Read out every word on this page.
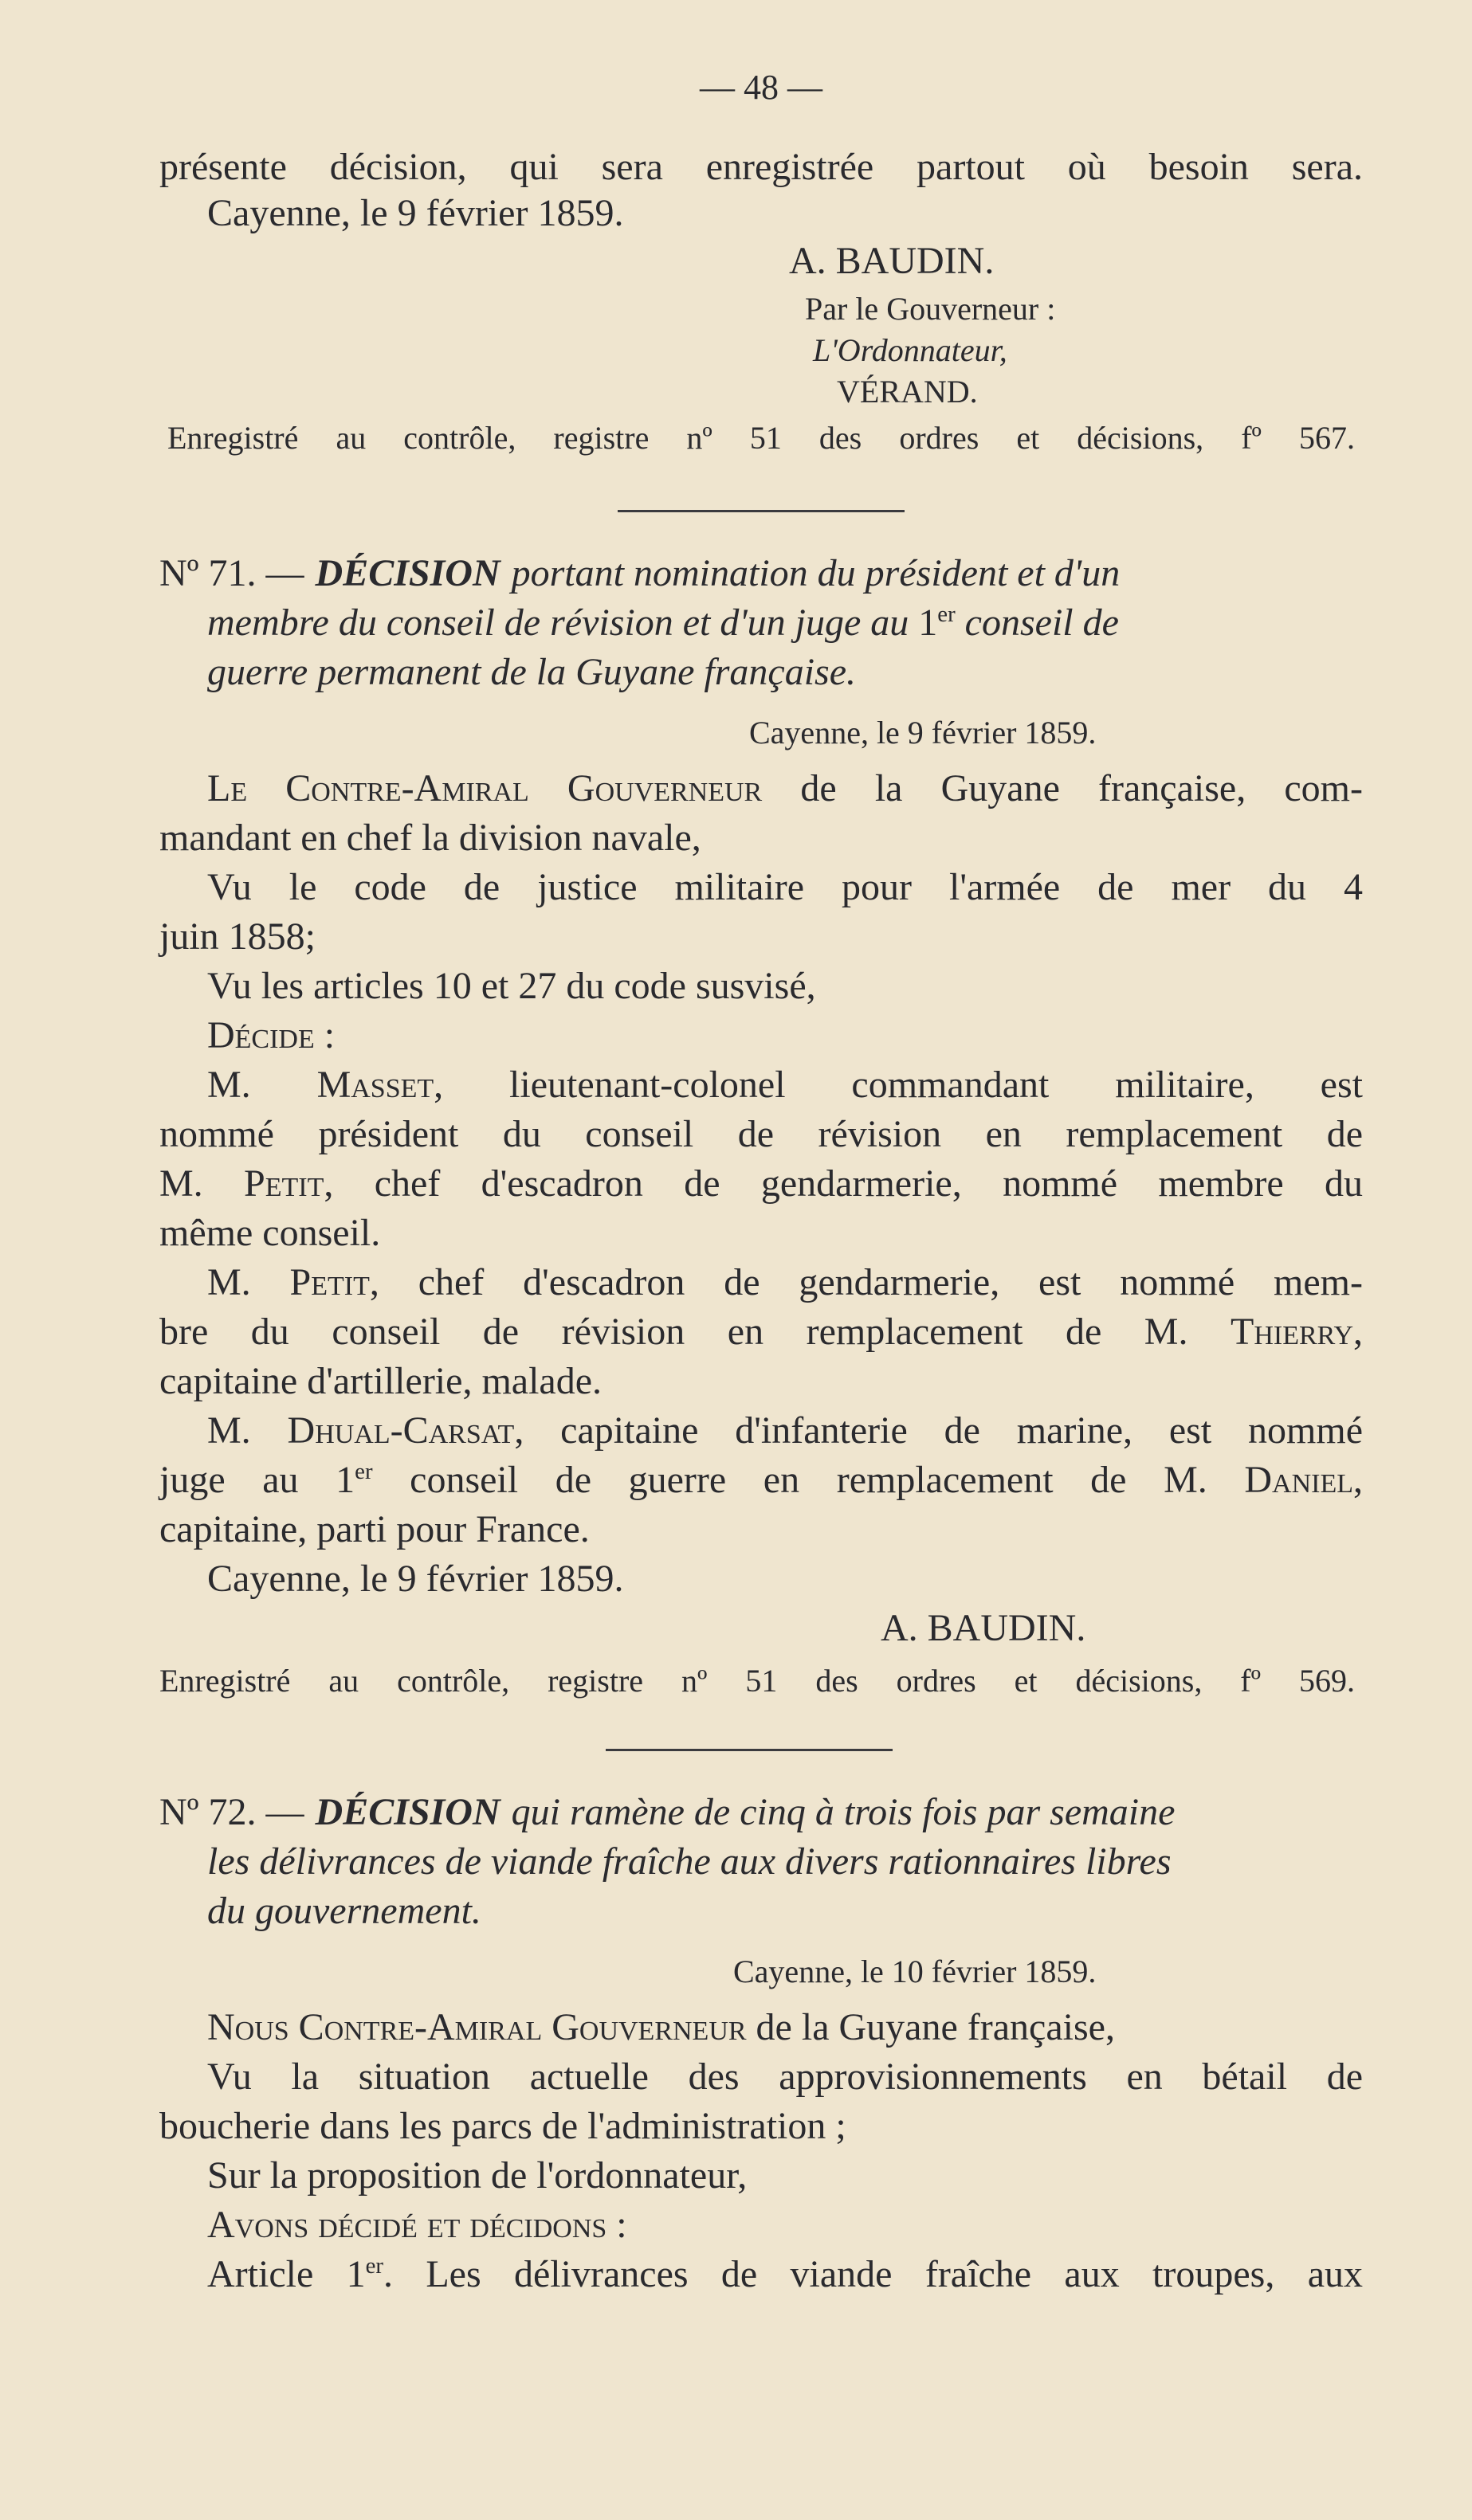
— 48 —
présente décision, qui sera enregistrée partout où besoin sera.
Cayenne, le 9 février 1859.
A. BAUDIN.
Par le Gouverneur :
L'Ordonnateur,
VÉRAND.
Enregistré au contrôle, registre nº 51 des ordres et décisions, fº 567.
Nº 71. — DÉCISION portant nomination du président et d'un
membre du conseil de révision et d'un juge au 1er conseil de
guerre permanent de la Guyane française.
Cayenne, le 9 février 1859.
Le Contre-Amiral Gouverneur de la Guyane française, com-
mandant en chef la division navale,
Vu le code de justice militaire pour l'armée de mer du 4
juin 1858;
Vu les articles 10 et 27 du code susvisé,
Décide :
M. Masset, lieutenant-colonel commandant militaire, est
nommé président du conseil de révision en remplacement de
M. Petit, chef d'escadron de gendarmerie, nommé membre du
même conseil.
M. Petit, chef d'escadron de gendarmerie, est nommé mem-
bre du conseil de révision en remplacement de M. Thierry,
capitaine d'artillerie, malade.
M. Dhual-Carsat, capitaine d'infanterie de marine, est nommé
juge au 1er conseil de guerre en remplacement de M. Daniel,
capitaine, parti pour France.
Cayenne, le 9 février 1859.
A. BAUDIN.
Enregistré au contrôle, registre nº 51 des ordres et décisions, fº 569.
Nº 72. — DÉCISION qui ramène de cinq à trois fois par semaine
les délivrances de viande fraîche aux divers rationnaires libres
du gouvernement.
Cayenne, le 10 février 1859.
Nous Contre-Amiral Gouverneur de la Guyane française,
Vu la situation actuelle des approvisionnements en bétail de
boucherie dans les parcs de l'administration ;
Sur la proposition de l'ordonnateur,
Avons décidé et décidons :
Article 1er. Les délivrances de viande fraîche aux troupes, aux
